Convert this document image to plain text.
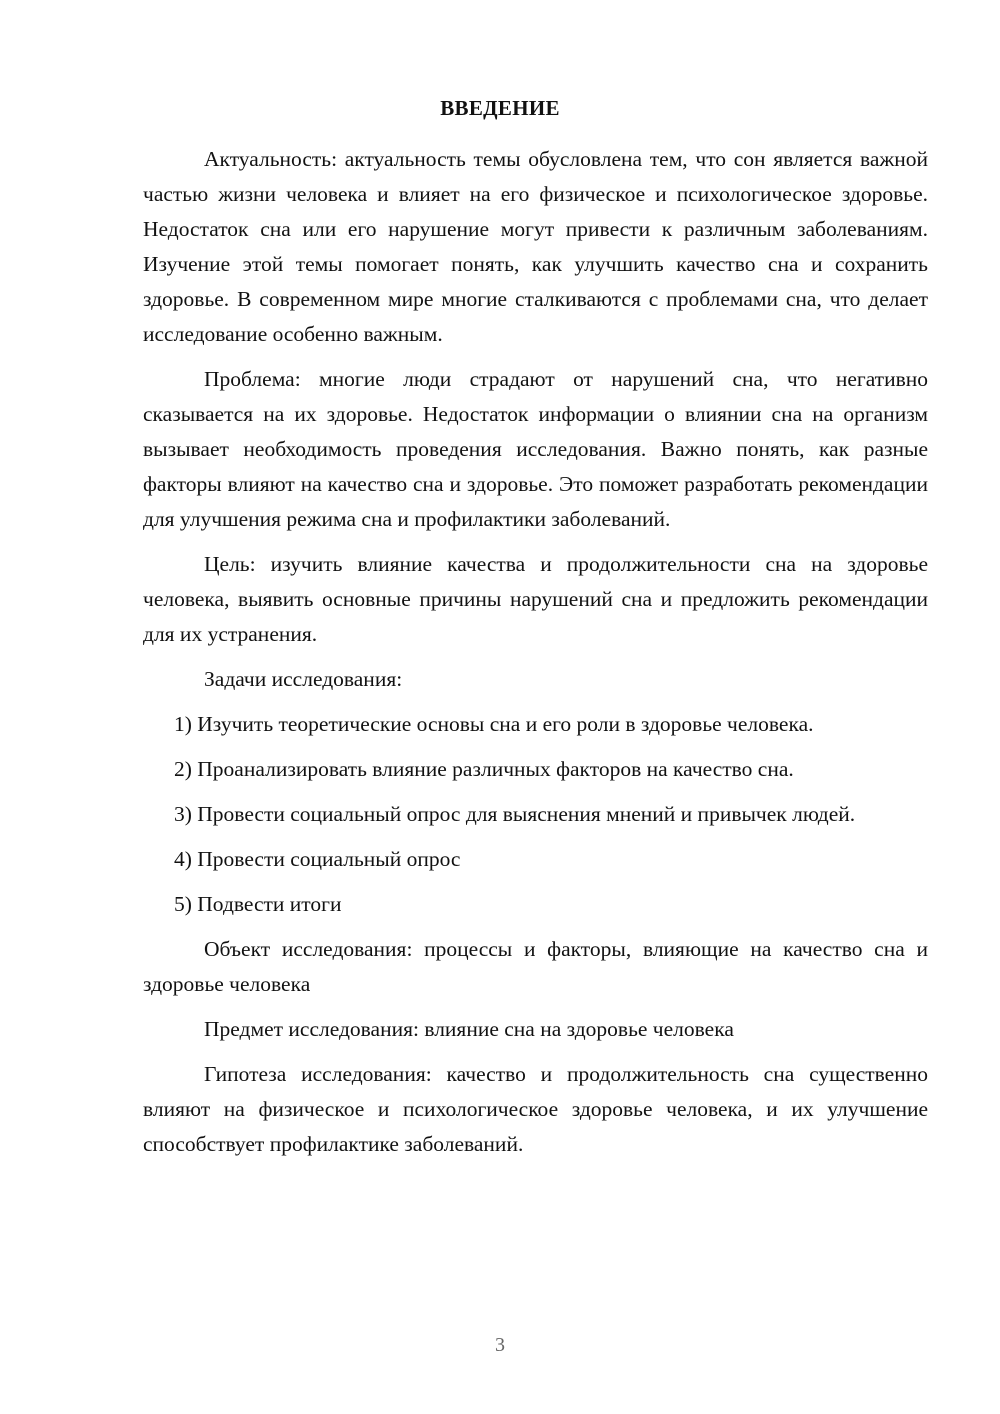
ВВЕДЕНИЕ

Актуальность: актуальность темы обусловлена тем, что сон является важной частью жизни человека и влияет на его физическое и психологическое здоровье. Недостаток сна или его нарушение могут привести к различным заболеваниям. Изучение этой темы помогает понять, как улучшить качество сна и сохранить здоровье. В современном мире многие сталкиваются с проблемами сна, что делает исследование особенно важным.

Проблема: многие люди страдают от нарушений сна, что негативно сказывается на их здоровье. Недостаток информации о влиянии сна на организм вызывает необходимость проведения исследования. Важно понять, как разные факторы влияют на качество сна и здоровье. Это поможет разработать рекомендации для улучшения режима сна и профилактики заболеваний.

Цель: изучить влияние качества и продолжительности сна на здоровье человека, выявить основные причины нарушений сна и предложить рекомендации для их устранения.

Задачи исследования:

1) Изучить теоретические основы сна и его роли в здоровье человека.

2) Проанализировать влияние различных факторов на качество сна.

3) Провести социальный опрос для выяснения мнений и привычек людей.

4) Провести социальный опрос

5) Подвести итоги

Объект исследования: процессы и факторы, влияющие на качество сна и здоровье человека

Предмет исследования: влияние сна на здоровье человека

Гипотеза исследования: качество и продолжительность сна существенно влияют на физическое и психологическое здоровье человека, и их улучшение способствует профилактике заболеваний.

3
